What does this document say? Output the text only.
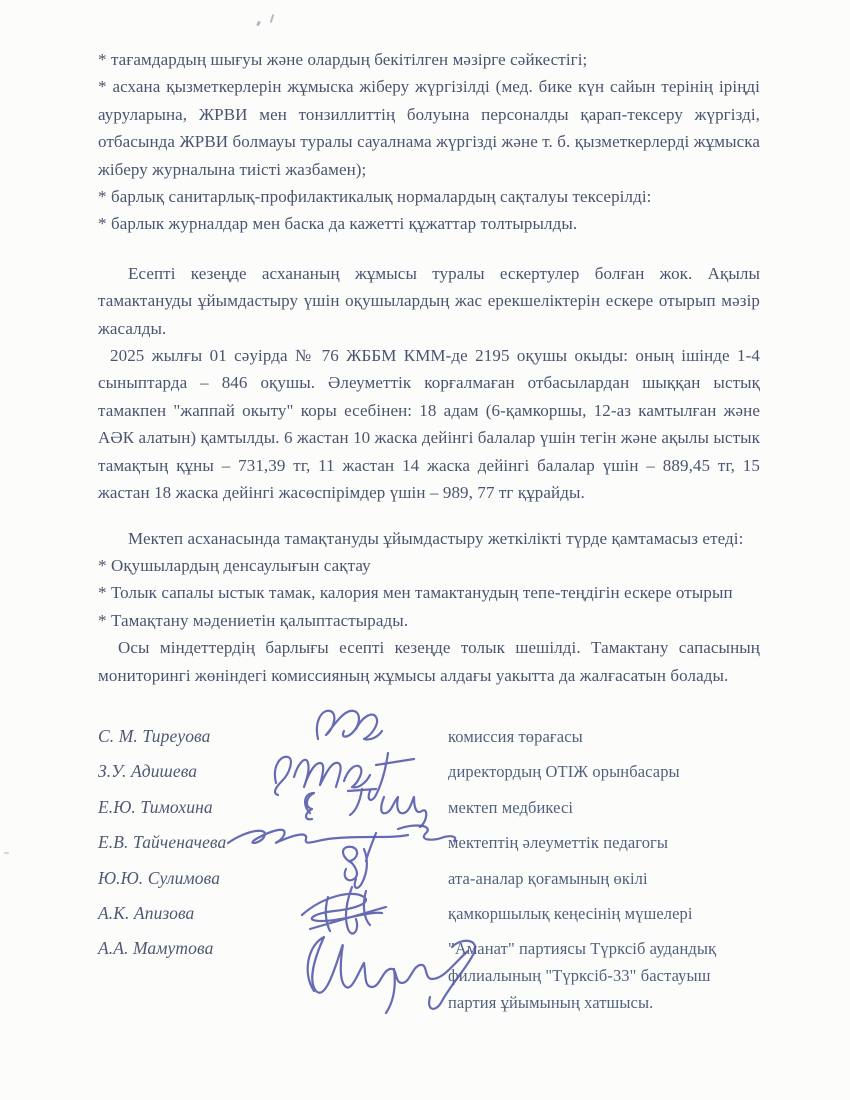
* тағамдардың шығуы және олардың бекітілген мәзірге сәйкестігі;

* асхана қызметкерлерін жұмыска жіберу жүргізілді (мед. бике күн сайын терінің іріңді ауруларына, ЖРВИ мен тонзиллиттің болуына персоналды қарап-тексеру жүргізді, отбасында ЖРВИ болмауы туралы сауалнама жүргізді және т. б. қызметкерлерді жұмыска жіберу журналына тиісті жазбамен);

* барлық санитарлық-профилактикалық нормалардың сақталуы тексерілді:

* барлык журналдар мен баска да кажетті құжаттар толтырылды.

Есепті кезеңде асхананың жұмысы туралы ескертулер болған жок. Ақылы тамактануды ұйымдастыру үшін оқушылардың жас ерекшеліктерін ескере отырып мәзір жасалды.

2025 жылғы 01 сәуірда № 76 ЖББМ КММ-де 2195 оқушы окыды: оның ішінде 1-4 сыныптарда – 846 оқушы. Әлеуметтік корғалмаған отбасылардан шыққан ыстық тамакпен "жаппай окыту" коры есебінен: 18 адам (6-қамкоршы, 12-аз камтылған және АӘК алатын) қамтылды. 6 жастан 10 жаска дейінгі балалар үшін тегін және ақылы ыстык тамақтың құны – 731,39 тг, 11 жастан 14 жаска дейінгі балалар үшін – 889,45 тг, 15 жастан 18 жаска дейінгі жасөспірімдер үшін – 989, 77 тг құрайды.

Мектеп асханасында тамақтануды ұйымдастыру жеткілікті түрде қамтамасыз етеді:

* Оқушылардың денсаулығын сақтау

* Толык сапалы ыстык тамак, калория мен тамактанудың тепе-теңдігін ескере отырып

* Тамақтану мәдениетін қалыптастырады.

Осы міндеттердің барлығы есепті кезеңде толык шешілді. Тамактану сапасының мониторингі жөніндегі комиссияның жұмысы алдағы уакытта да жалғасатын болады.

С. М. Тиреуова	комиссия төрағасы
З.У. Адишева	директордың ОТІЖ орынбасары
Е.Ю. Тимохина	мектеп медбикесі
Е.В. Тайченачева	мектептің әлеуметтік педагогы
Ю.Ю. Сулимова	ата-аналар қоғамының өкілі
А.К. Апизова	қамкоршылық кеңесінің мүшелері
А.А. Мамутова	"Аманат" партиясы Түрксіб аудандық филиалының "Түрксіб-33" бастауыш партия ұйымының хатшысы.
